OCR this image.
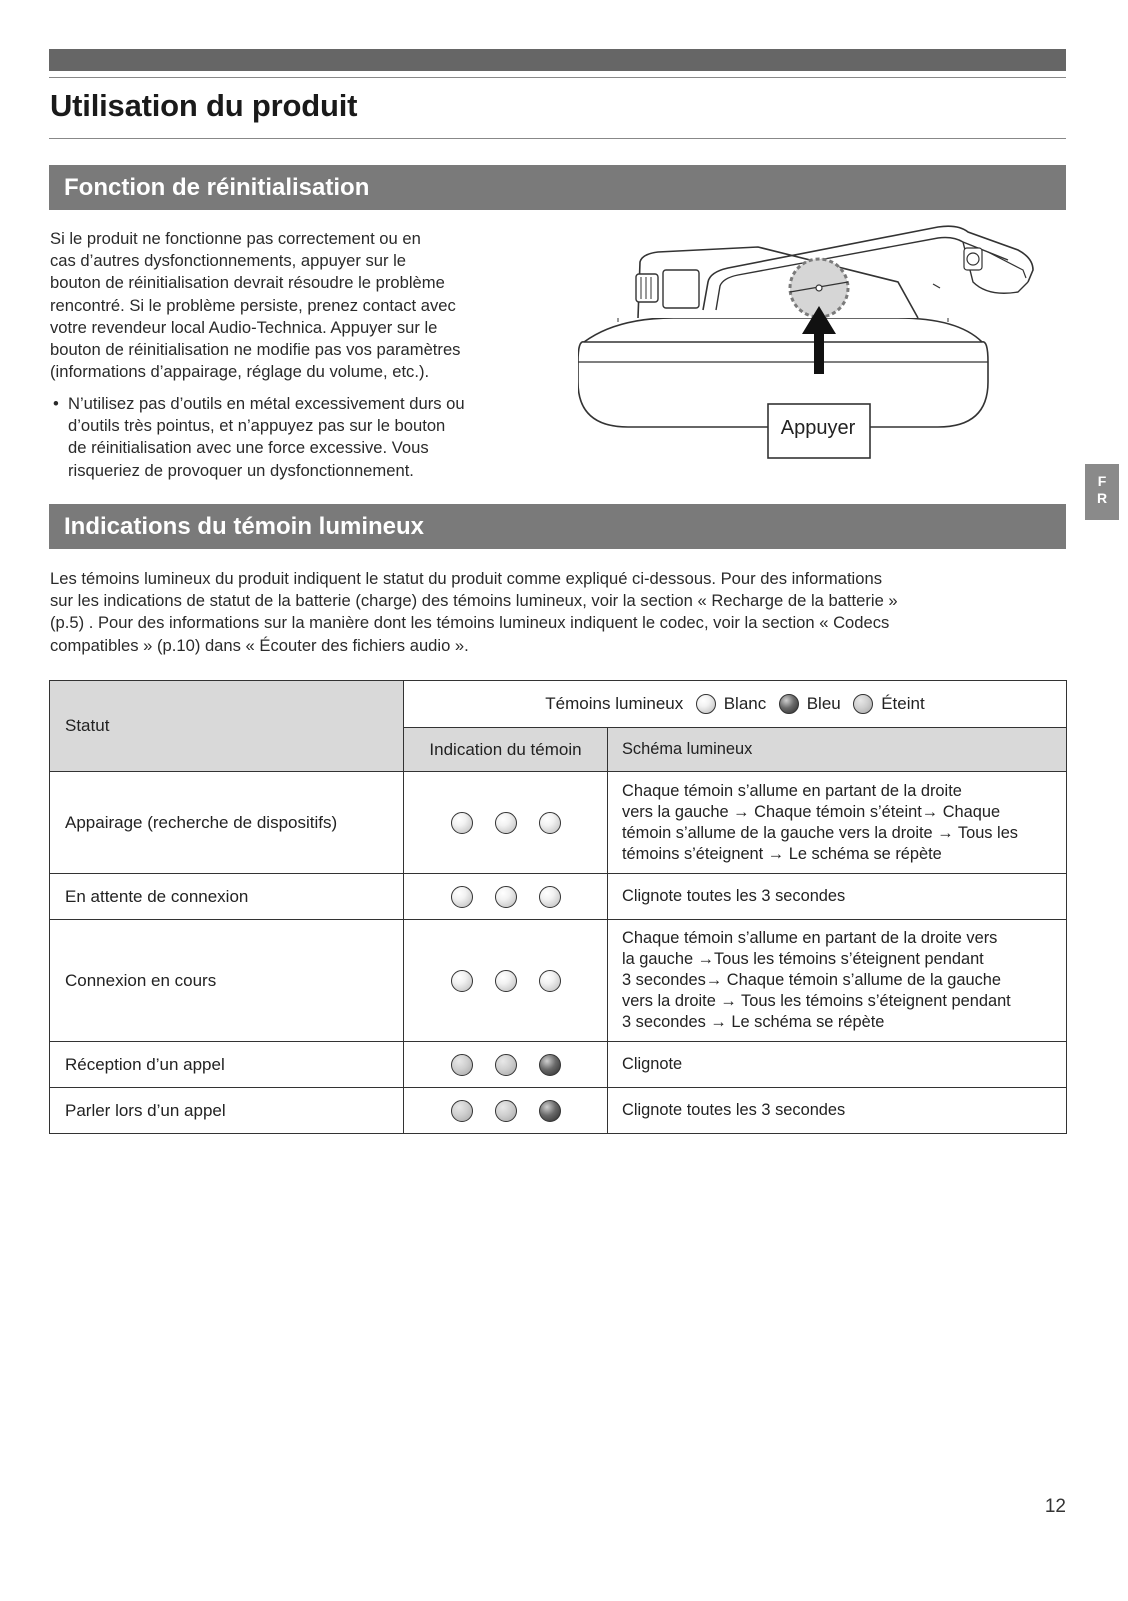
Utilisation du produit
Fonction de réinitialisation

Si le produit ne fonctionne pas correctement ou en
cas d’autres dysfonctionnements, appuyer sur le
bouton de réinitialisation devrait résoudre le problème
rencontré. Si le problème persiste, prenez contact avec
votre revendeur local Audio-Technica. Appuyer sur le
bouton de réinitialisation ne modifie pas vos paramètres
(informations d’appairage, réglage du volume, etc.).

• N’utilisez pas d’outils en métal excessivement durs ou
d’outils très pointus, et n’appuyez pas sur le bouton
de réinitialisation avec une force excessive. Vous
risqueriez de provoquer un dysfonctionnement.
Appuyer
F
R
Indications du témoin lumineux

Les témoins lumineux du produit indiquent le statut du produit comme expliqué ci-dessous. Pour des informations
sur les indications de statut de la batterie (charge) des témoins lumineux, voir la section « Recharge de la batterie »
(p.5) . Pour des informations sur la manière dont les témoins lumineux indiquent le codec, voir la section « Codecs
compatibles » (p.10) dans « Écouter des fichiers audio ».

Statut	Témoins lumineux Blanc Bleu Éteint	
	Indication du témoin	Schéma lumineux
Appairage (recherche de dispositifs)		Chaque témoin s’allume en partant de la droite
vers la gauche → Chaque témoin s’éteint→ Chaque
témoin s’allume de la gauche vers la droite → Tous les
témoins s’éteignent → Le schéma se répète
En attente de connexion		Clignote toutes les 3 secondes
Connexion en cours		Chaque témoin s’allume en partant de la droite vers
la gauche →Tous les témoins s’éteignent pendant
3 secondes→ Chaque témoin s’allume de la gauche
vers la droite → Tous les témoins s’éteignent pendant
3 secondes → Le schéma se répète
Réception d’un appel		Clignote
Parler lors d’un appel		Clignote toutes les 3 secondes
12
